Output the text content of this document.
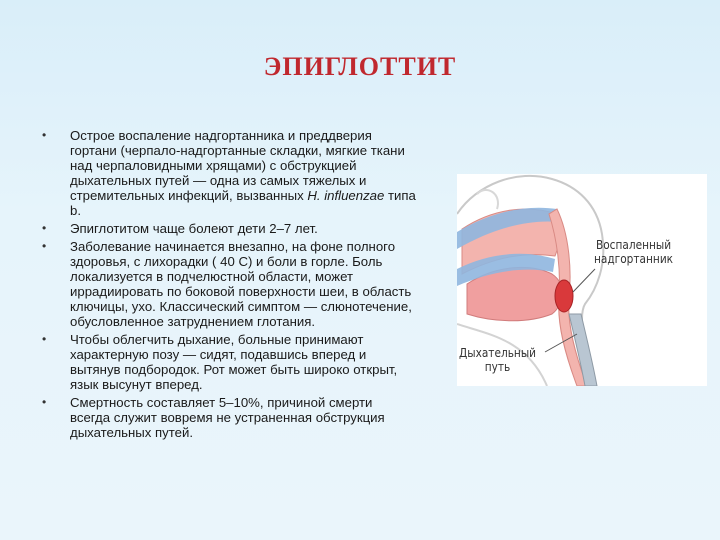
ЭПИГЛОТТИТ
• Острое воспаление надгортанника и преддверия гортани (черпало-надгортанные складки, мягкие ткани над черпаловидными хрящами) с обструкцией дыхательных путей — одна из самых тяжелых и стремительных инфекций, вызванных H. influenzae типа b.
• Эпиглотитом чаще болеют дети 2–7 лет.
• Заболевание начинается внезапно, на фоне полного здоровья, с лихорадки ( 40 С) и боли в горле. Боль локализуется в подчелюстной области, может иррадиировать по боковой поверхности шеи, в область ключицы, ухо. Классический симптом — слюнотечение, обусловленное затруднением глотания.
• Чтобы облегчить дыхание, больные принимают характерную позу — сидят, подавшись вперед и вытянув подбородок. Рот может быть широко открыт, язык высунут вперед.
• Смертность составляет 5–10%, причиной смерти всегда служит вовремя не устраненная обструкция дыхательных путей.
Воспаленный
надгортанник
Дыхательный
путь
